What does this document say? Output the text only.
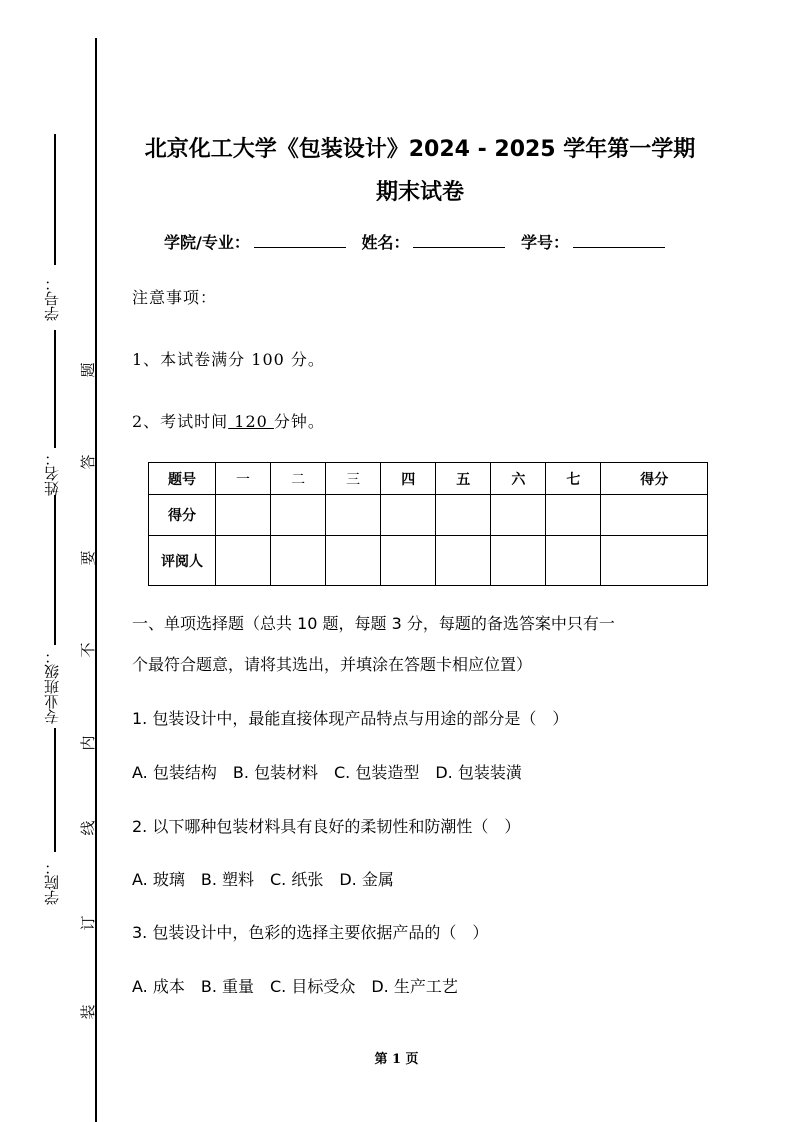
学号：
姓名：
专业班级：
学院：
题
答
要
不
内
线
订
装
北京化工大学《包装设计》2024 - 2025 学年第一学期
期末试卷
学院/专业：	姓名：	学号：
注意事项：
1、本试卷满分 100 分。
2、考试时间 120 分钟。
题号	一	二	三	四	五	六	七	得分
得分								
评阅人								
一、单项选择题（总共 10 题，每题 3 分，每题的备选答案中只有一
个最符合题意，请将其选出，并填涂在答题卡相应位置）
1. 包装设计中，最能直接体现产品特点与用途的部分是（　）
A. 包装结构　B. 包装材料　C. 包装造型　D. 包装装潢
2. 以下哪种包装材料具有良好的柔韧性和防潮性（　）
A. 玻璃　B. 塑料　C. 纸张　D. 金属
3. 包装设计中，色彩的选择主要依据产品的（　）
A. 成本　B. 重量　C. 目标受众　D. 生产工艺
第 1 页
